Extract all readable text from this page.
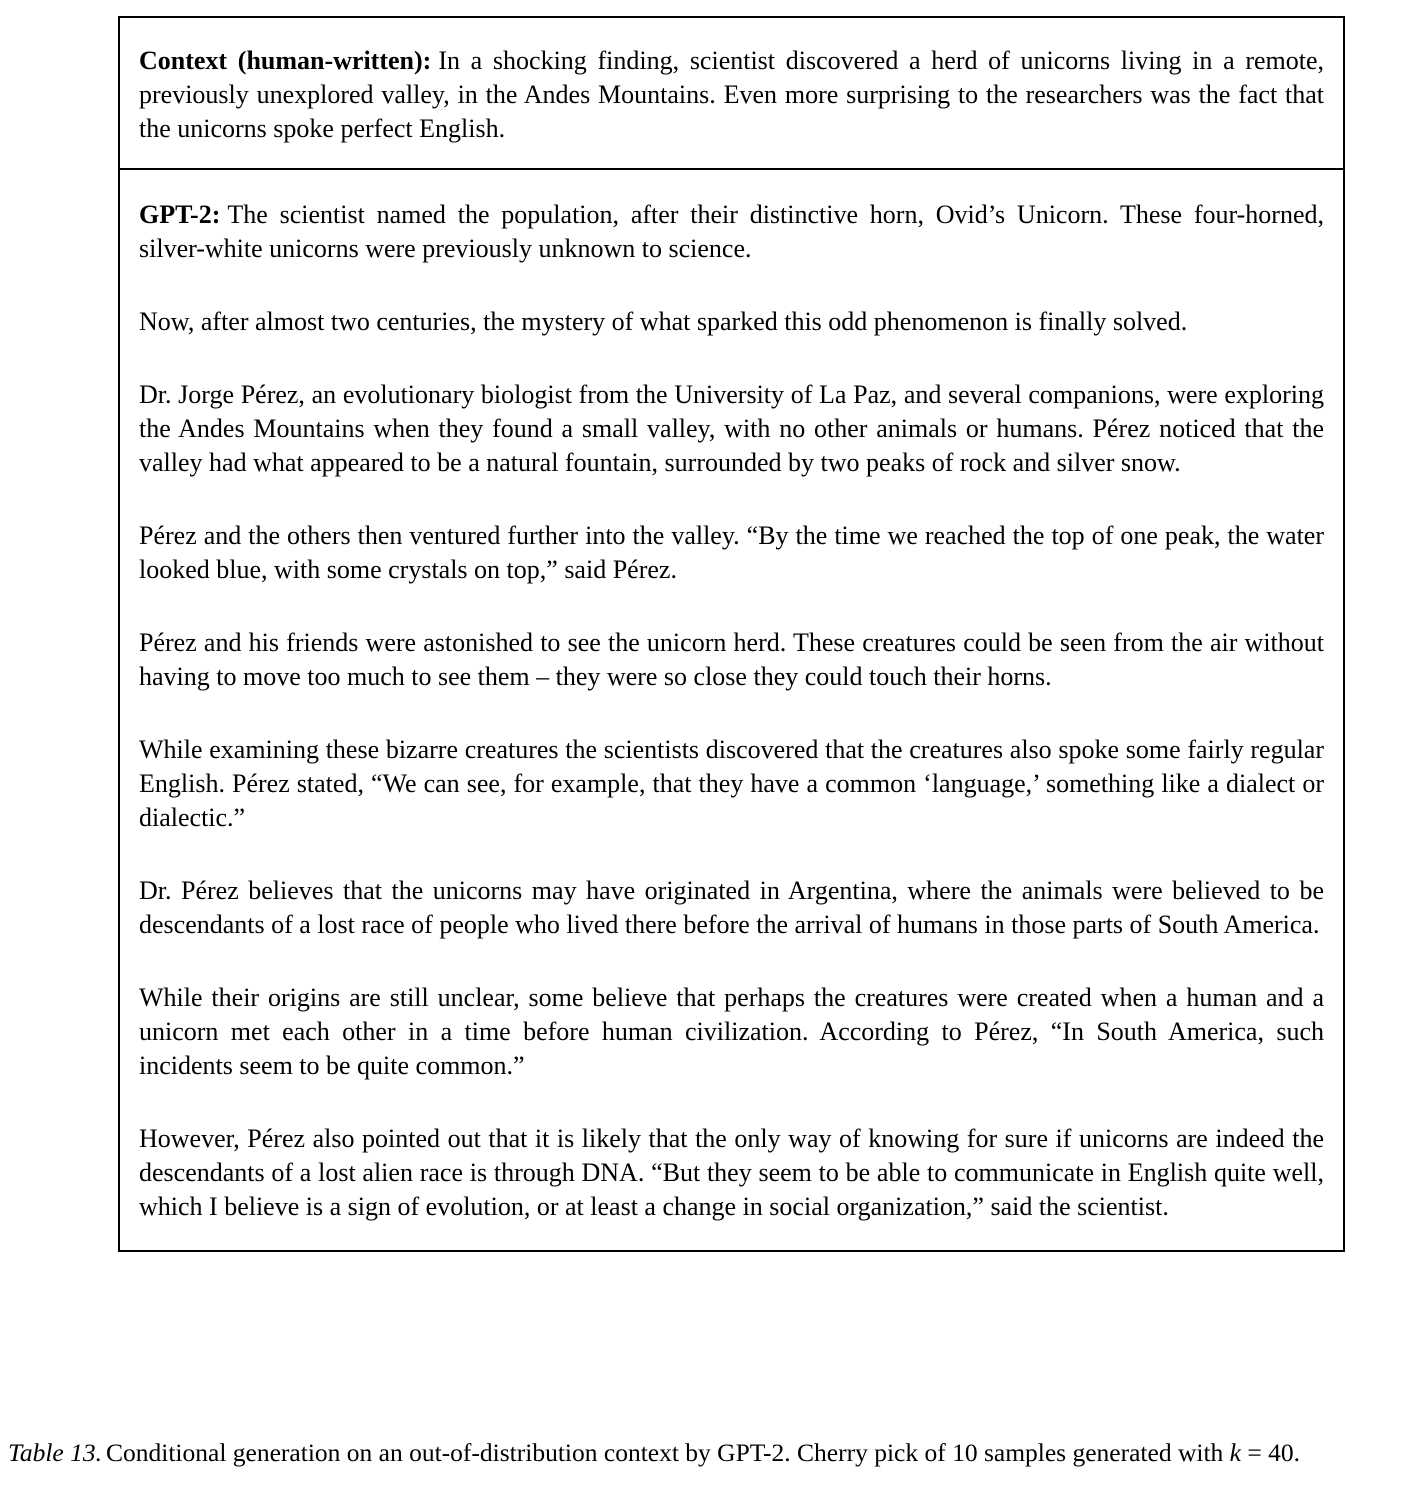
Context (human-written): In a shocking finding, scientist discovered a herd of unicorns living in a remote, previously unexplored valley, in the Andes Mountains. Even more surprising to the researchers was the fact that the unicorns spoke perfect English.

GPT-2: The scientist named the population, after their distinctive horn, Ovid’s Unicorn. These four-horned, silver-white unicorns were previously unknown to science.

Now, after almost two centuries, the mystery of what sparked this odd phenomenon is finally solved.

Dr. Jorge Pérez, an evolutionary biologist from the University of La Paz, and several companions, were exploring the Andes Mountains when they found a small valley, with no other animals or humans. Pérez noticed that the valley had what appeared to be a natural fountain, surrounded by two peaks of rock and silver snow.

Pérez and the others then ventured further into the valley. “By the time we reached the top of one peak, the water looked blue, with some crystals on top,” said Pérez.

Pérez and his friends were astonished to see the unicorn herd. These creatures could be seen from the air without having to move too much to see them – they were so close they could touch their horns.

While examining these bizarre creatures the scientists discovered that the creatures also spoke some fairly regular English. Pérez stated, “We can see, for example, that they have a common ‘language,’ something like a dialect or dialectic.”

Dr. Pérez believes that the unicorns may have originated in Argentina, where the animals were believed to be descendants of a lost race of people who lived there before the arrival of humans in those parts of South America.

While their origins are still unclear, some believe that perhaps the creatures were created when a human and a unicorn met each other in a time before human civilization. According to Pérez, “In South America, such incidents seem to be quite common.”

However, Pérez also pointed out that it is likely that the only way of knowing for sure if unicorns are indeed the descendants of a lost alien race is through DNA. “But they seem to be able to communicate in English quite well, which I believe is a sign of evolution, or at least a change in social organization,” said the scientist.

Table 13. Conditional generation on an out-of-distribution context by GPT-2. Cherry pick of 10 samples generated with k = 40.
